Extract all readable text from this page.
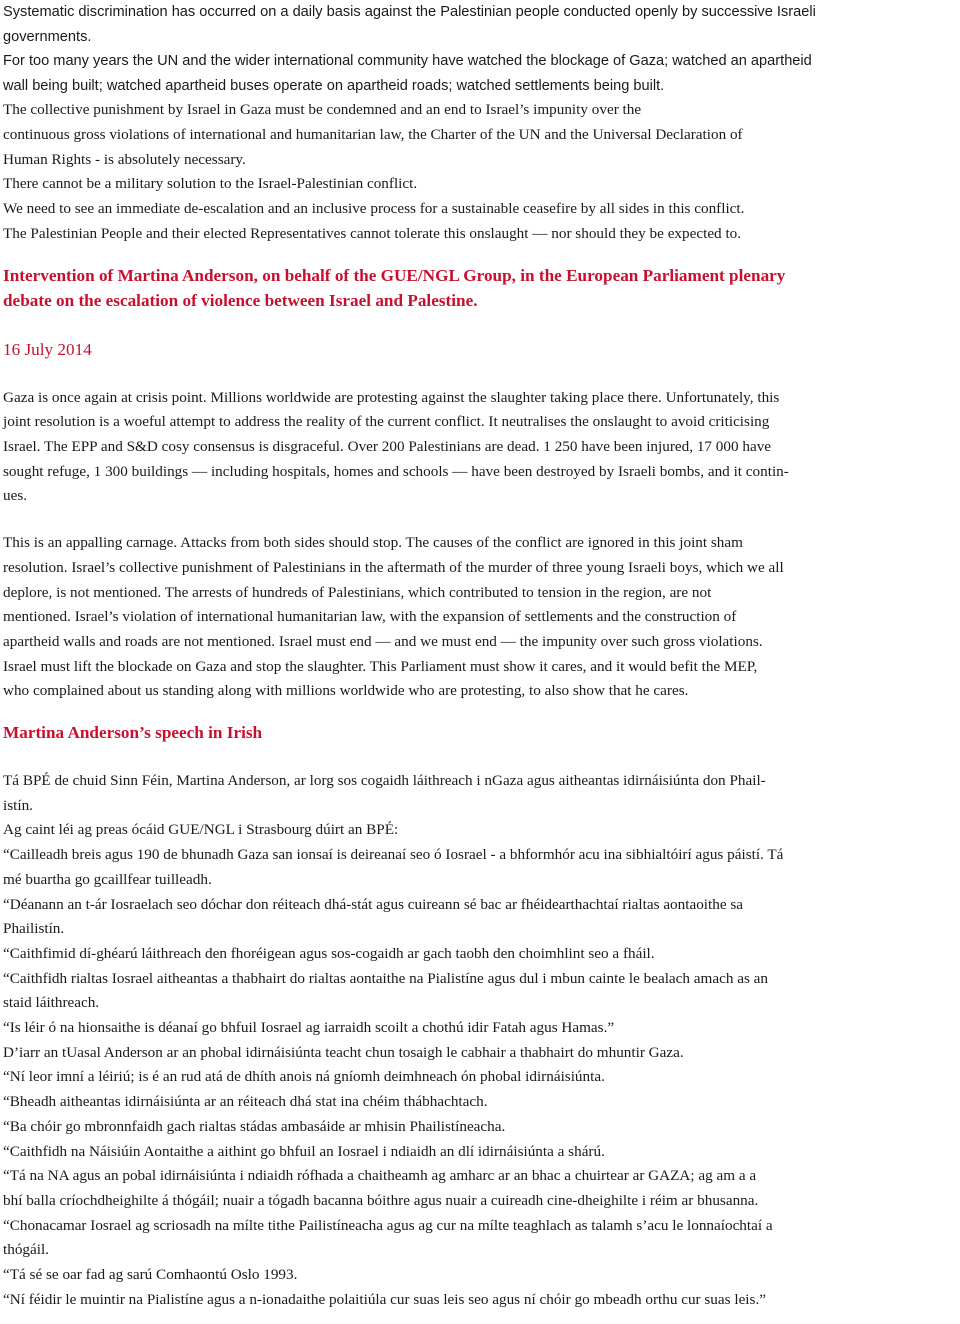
Systematic discrimination has occurred on a daily basis against the Palestinian people conducted openly by successive Israeli

governments.

For too many years the UN and the wider international community have watched the blockage of Gaza; watched an apartheid

wall being built; watched apartheid buses operate on apartheid roads; watched settlements being built.

The collective punishment by Israel in Gaza must be condemned and an end to Israel’s impunity over the

continuous gross violations of international and humanitarian law, the Charter of the UN and the Universal Declaration of

Human Rights - is absolutely necessary.

There cannot be a military solution to the Israel-Palestinian conflict.

We need to see an immediate de-escalation and an inclusive process for a sustainable ceasefire by all sides in this conflict.

The Palestinian People and their elected Representatives cannot tolerate this onslaught — nor should they be expected to.

Intervention of Martina Anderson, on behalf of the GUE/NGL Group, in the European Parliament plenary

debate on the escalation of violence between Israel and Palestine.

16 July 2014

Gaza is once again at crisis point. Millions worldwide are protesting against the slaughter taking place there. Unfortunately, this

joint resolution is a woeful attempt to address the reality of the current conflict. It neutralises the onslaught to avoid criticising

Israel. The EPP and S&D cosy consensus is disgraceful. Over 200 Palestinians are dead. 1 250 have been injured, 17 000 have

sought refuge, 1 300 buildings — including hospitals, homes and schools — have been destroyed by Israeli bombs, and it contin-

ues.

This is an appalling carnage. Attacks from both sides should stop. The causes of the conflict are ignored in this joint sham

resolution. Israel’s collective punishment of Palestinians in the aftermath of the murder of three young Israeli boys, which we all

deplore, is not mentioned. The arrests of hundreds of Palestinians, which contributed to tension in the region, are not

mentioned. Israel’s violation of international humanitarian law, with the expansion of settlements and the construction of

apartheid walls and roads are not mentioned. Israel must end — and we must end — the impunity over such gross violations.

Israel must lift the blockade on Gaza and stop the slaughter. This Parliament must show it cares, and it would befit the MEP,

who complained about us standing along with millions worldwide who are protesting, to also show that he cares.

Martina Anderson’s speech in Irish

Tá BPÉ de chuid Sinn Féin, Martina Anderson, ar lorg sos cogaidh láithreach i nGaza agus aitheantas idirnáisiúnta don Phail-

istín.

Ag caint léi ag preas ócáid GUE/NGL i Strasbourg dúirt an BPÉ:

“Cailleadh breis agus 190 de bhunadh Gaza san ionsaí is deireanaí seo ó Iosrael - a bhformhór acu ina sibhialtóirí agus páistí. Tá

mé buartha go gcaillfear tuilleadh.

“Déanann an t-ár Iosraelach seo dóchar don réiteach dhá-stát agus cuireann sé bac ar fhéidearthachtaí rialtas aontaoithe sa

Phailistín.

“Caithfimid dí-ghéarú láithreach den fhoréigean agus sos-cogaidh ar gach taobh den choimhlint seo a fháil.

“Caithfidh rialtas Iosrael aitheantas a thabhairt do rialtas aontaithe na Pialistíne agus dul i mbun cainte le bealach amach as an

staid láithreach.

“Is léir ó na hionsaithe is déanaí go bhfuil Iosrael ag iarraidh scoilt a chothú idir Fatah agus Hamas.”

D’iarr an tUasal Anderson ar an phobal idirnáisiúnta teacht chun tosaigh le cabhair a thabhairt do mhuntir Gaza.

“Ní leor imní a léiriú; is é an rud atá de dhíth anois ná gníomh deimhneach ón phobal idirnáisiúnta.

“Bheadh aitheantas idirnáisiúnta ar an réiteach dhá stat ina chéim thábhachtach.

“Ba chóir go mbronnfaidh gach rialtas stádas ambasáide ar mhisin Phailistíneacha.

“Caithfidh na Náisiúin Aontaithe a aithint go bhfuil an Iosrael i ndiaidh an dlí idirnáisiúnta a shárú.

“Tá na NA agus an pobal idirnáisiúnta i ndiaidh rófhada a chaitheamh ag amharc ar an bhac a chuirtear ar GAZA; ag am a a

bhí balla críochdheighilte á thógáil; nuair a tógadh bacanna bóithre agus nuair a cuireadh cine-dheighilte i réim ar bhusanna.

“Chonacamar Iosrael ag scriosadh na mílte tithe Pailistíneacha agus ag cur na mílte teaghlach as talamh s’acu le lonnaíochtaí a

thógáil.

“Tá sé se oar fad ag sarú Comhaontú Oslo 1993.

“Ní féidir le muintir na Pialistíne agus a n-ionadaithe polaitiúla cur suas leis seo agus ní chóir go mbeadh orthu cur suas leis.”
